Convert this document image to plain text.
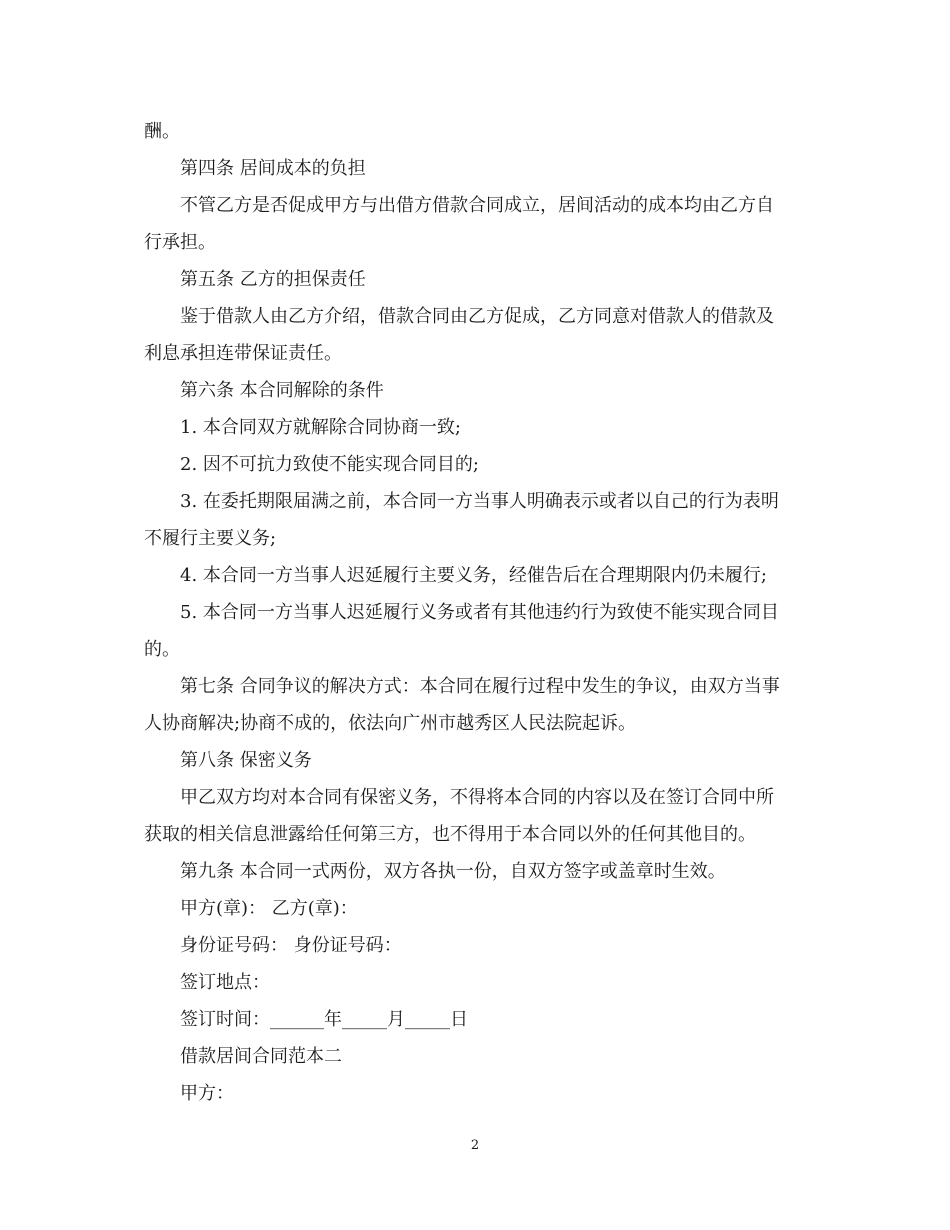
酬。
第四条 居间成本的负担
不管乙方是否促成甲方与出借方借款合同成立，居间活动的成本均由乙方自
行承担。
第五条 乙方的担保责任
鉴于借款人由乙方介绍，借款合同由乙方促成，乙方同意对借款人的借款及
利息承担连带保证责任。
第六条 本合同解除的条件
1. 本合同双方就解除合同协商一致;
2. 因不可抗力致使不能实现合同目的;
3. 在委托期限届满之前，本合同一方当事人明确表示或者以自己的行为表明
不履行主要义务;
4. 本合同一方当事人迟延履行主要义务，经催告后在合理期限内仍未履行;
5. 本合同一方当事人迟延履行义务或者有其他违约行为致使不能实现合同目
的。
第七条 合同争议的解决方式：本合同在履行过程中发生的争议，由双方当事
人协商解决;协商不成的，依法向广州市越秀区人民法院起诉。
第八条 保密义务
甲乙双方均对本合同有保密义务，不得将本合同的内容以及在签订合同中所
获取的相关信息泄露给任何第三方，也不得用于本合同以外的任何其他目的。
第九条 本合同一式两份，双方各执一份，自双方签字或盖章时生效。
甲方(章)： 乙方(章)：
身份证号码： 身份证号码：
签订地点：
签订时间：______年_____月_____日
借款居间合同范本二
甲方：
2
